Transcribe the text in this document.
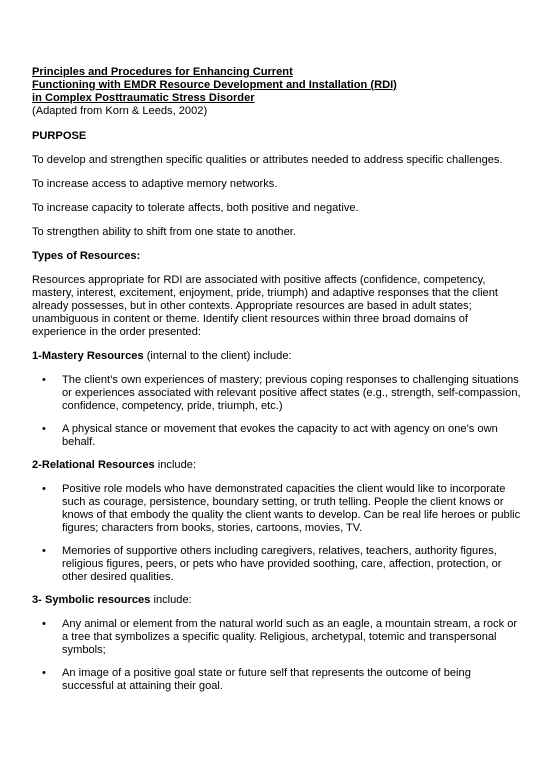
Principles and Procedures for Enhancing Current

Functioning with EMDR Resource Development and Installation (RDI)

in Complex Posttraumatic Stress Disorder

(Adapted from Korn & Leeds, 2002)

PURPOSE

To develop and strengthen specific qualities or attributes needed to address specific challenges.

To increase access to adaptive memory networks.

To increase capacity to tolerate affects, both positive and negative.

To strengthen ability to shift from one state to another.

Types of Resources:

Resources appropriate for RDI are associated with positive affects (confidence, competency, mastery, interest, excitement, enjoyment, pride, triumph) and adaptive responses that the client already possesses, but in other contexts. Appropriate resources are based in adult states; unambiguous in content or theme. Identify client resources within three broad domains of experience in the order presented:

1-Mastery Resources (internal to the client) include:

• The client’s own experiences of mastery; previous coping responses to challenging situations or experiences associated with relevant positive affect states (e.g., strength, self-compassion, confidence, competency, pride, triumph, etc.)
• A physical stance or movement that evokes the capacity to act with agency on one’s own behalf.

2-Relational Resources include:

• Positive role models who have demonstrated capacities the client would like to incorporate such as courage, persistence, boundary setting, or truth telling. People the client knows or knows of that embody the quality the client wants to develop. Can be real life heroes or public figures; characters from books, stories, cartoons, movies, TV.
• Memories of supportive others including caregivers, relatives, teachers, authority figures, religious figures, peers, or pets who have provided soothing, care, affection, protection, or other desired qualities.

3- Symbolic resources include:

• Any animal or element from the natural world such as an eagle, a mountain stream, a rock or a tree that symbolizes a specific quality. Religious, archetypal, totemic and transpersonal symbols;
• An image of a positive goal state or future self that represents the outcome of being successful at attaining their goal.
